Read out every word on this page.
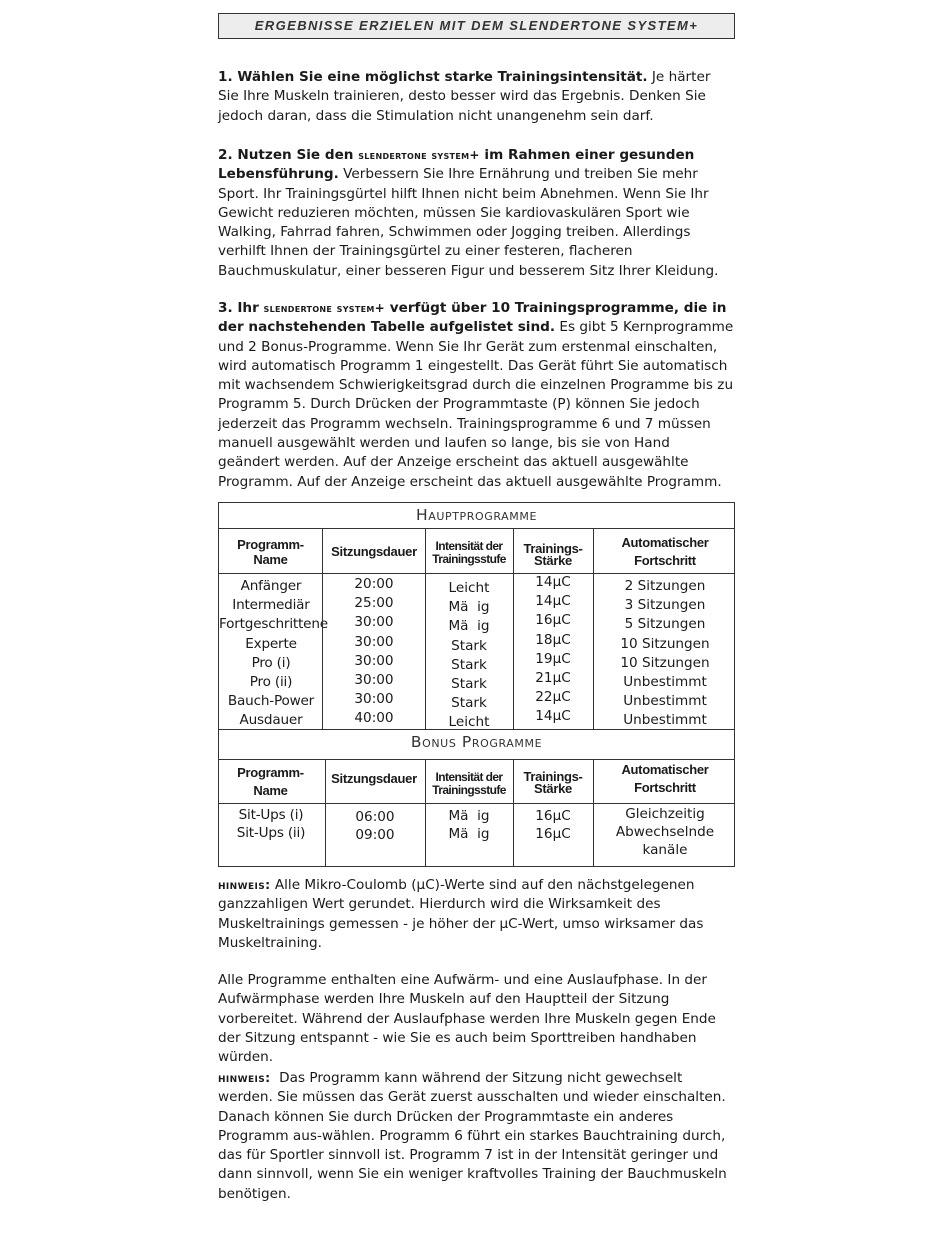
ERGEBNISSE ERZIELEN MIT DEM SLENDERTONE SYSTEM+

1. Wählen Sie eine möglichst starke Trainingsintensität. Je härter Sie Ihre Muskeln trainieren, desto besser wird das Ergebnis. Denken Sie jedoch daran, dass die Stimulation nicht unangenehm sein darf.

2. Nutzen Sie den slendertone system+ im Rahmen einer gesunden Lebensführung. Verbessern Sie Ihre Ernährung und treiben Sie mehr Sport. Ihr Trainingsgürtel hilft Ihnen nicht beim Abnehmen. Wenn Sie Ihr Gewicht reduzieren möchten, müssen Sie kardiovaskulären Sport wie Walking, Fahrrad fahren, Schwimmen oder Jogging treiben. Allerdings verhilft Ihnen der Trainingsgürtel zu einer festeren, flacheren Bauchmuskulatur, einer besseren Figur und besserem Sitz Ihrer Kleidung.

3. Ihr slendertone system+ verfügt über 10 Trainingsprogramme, die in der nachstehenden Tabelle aufgelistet sind. Es gibt 5 Kernprogramme und 2 Bonus-Programme. Wenn Sie Ihr Gerät zum erstenmal einschalten, wird automatisch Programm 1 eingestellt. Das Gerät führt Sie automatisch mit wachsendem Schwierigkeitsgrad durch die einzelnen Programme bis zu Programm 5. Durch Drücken der Programmtaste (P) können Sie jedoch jederzeit das Programm wechseln. Trainingsprogramme 6 und 7 müssen manuell ausgewählt werden und laufen so lange, bis sie von Hand geändert werden. Auf der Anzeige erscheint das aktuell ausgewählte Programm. Auf der Anzeige erscheint das aktuell ausgewählte Programm.

Hauptprogramme
Programm-
Name
Sitzungsdauer	Intensität der
Trainingsstufe
Trainings-
Stärke
Automatischer
Fortschritt
Anfänger
Intermediär
Fortgeschrittene
Experte
Pro (i)
Pro (ii)
Bauch-Power
Ausdauer
20:00
25:00
30:00
30:00
30:00
30:00
30:00
40:00
Leicht
Mä  ig
Mä  ig
Stark
Stark
Stark
Stark
Leicht
14µC
14µC
16µC
18µC
19µC
21µC
22µC
14µC
2 Sitzungen
3 Sitzungen
5 Sitzungen
10 Sitzungen
10 Sitzungen
Unbestimmt
Unbestimmt
Unbestimmt
Bonus Programme
Programm-
Name
Sitzungsdauer	Intensität der
Trainingsstufe
Trainings-
Stärke
Automatischer
Fortschritt
Sit-Ups (i)
Sit-Ups (ii)
06:00
09:00
Mä  ig
Mä  ig
16µC
16µC
Gleichzeitig
Abwechselnde
kanäle

hinweis: Alle Mikro-Coulomb (µC)-Werte sind auf den nächstgelegenen ganzzahligen Wert gerundet. Hierdurch wird die Wirksamkeit des Muskeltrainings gemessen - je höher der µC-Wert, umso wirksamer das Muskeltraining.

Alle Programme enthalten eine Aufwärm- und eine Auslaufphase. In der Aufwärmphase werden Ihre Muskeln auf den Hauptteil der Sitzung vorbereitet. Während der Auslaufphase werden Ihre Muskeln gegen Ende der Sitzung entspannt - wie Sie es auch beim Sporttreiben handhaben würden.

hinweis:  Das Programm kann während der Sitzung nicht gewechselt werden. Sie müssen das Gerät zuerst ausschalten und wieder einschalten. Danach können Sie durch Drücken der Programmtaste ein anderes Programm aus-wählen. Programm 6 führt ein starkes Bauchtraining durch, das für Sportler sinnvoll ist. Programm 7 ist in der Intensität geringer und dann sinnvoll, wenn Sie ein weniger kraftvolles Training der Bauchmuskeln benötigen.
